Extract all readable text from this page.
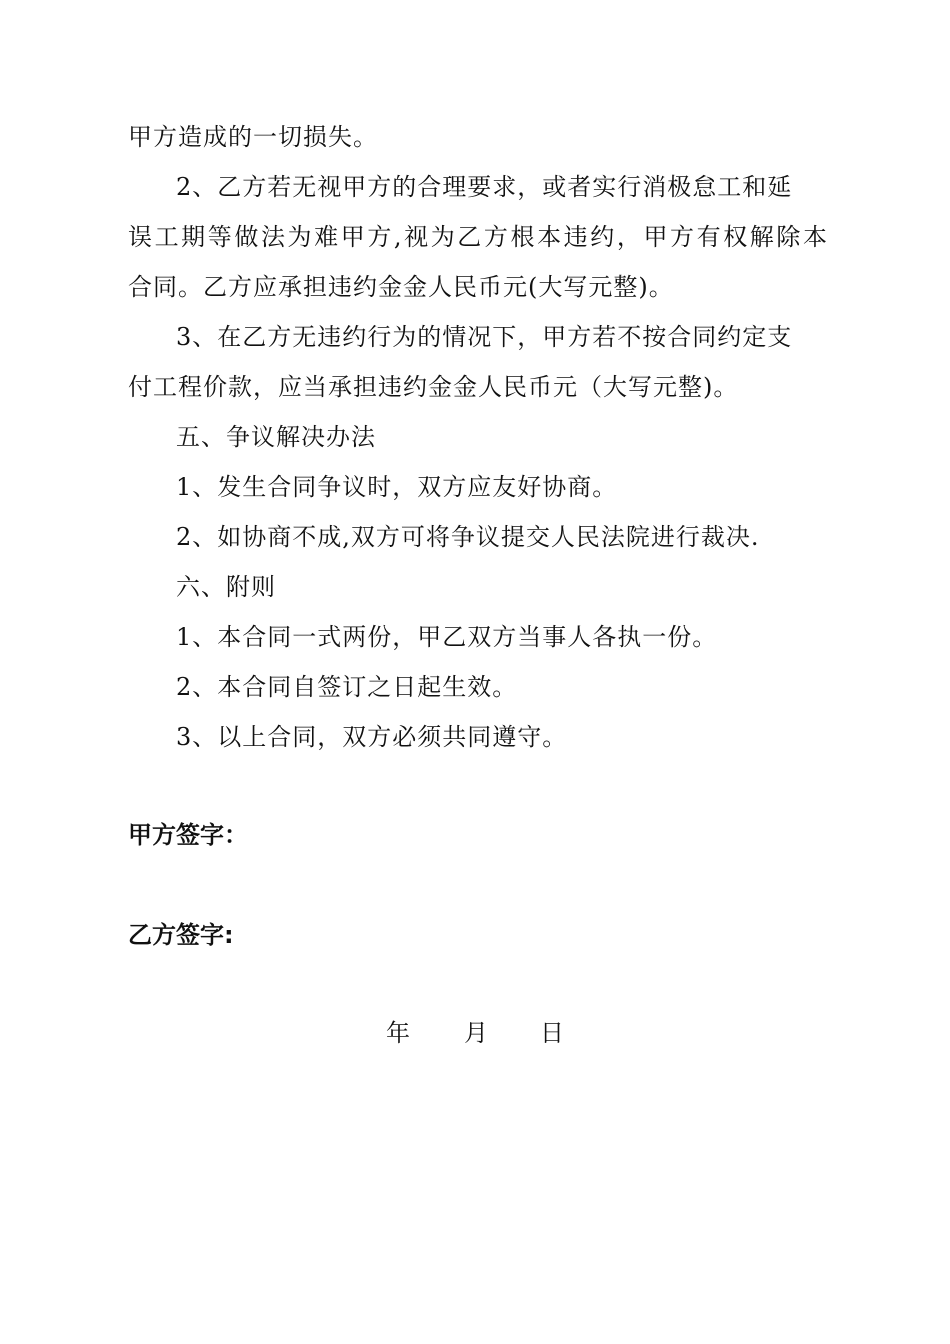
甲方造成的一切损失。
2、乙方若无视甲方的合理要求，或者实行消极怠工和延
误工期等做法为难甲方,视为乙方根本违约，甲方有权解除本
合同。乙方应承担违约金金人民币元(大写元整)。
3、在乙方无违约行为的情况下，甲方若不按合同约定支
付工程价款，应当承担违约金金人民币元（大写元整)。
五、争议解决办法
1、发生合同争议时，双方应友好协商。
2、如协商不成,双方可将争议提交人民法院进行裁决.
六、附则
1、本合同一式两份，甲乙双方当事人各执一份。
2、本合同自签订之日起生效。
3、以上合同，双方必须共同遵守。
甲方签字：
乙方签字:
年 月 日
